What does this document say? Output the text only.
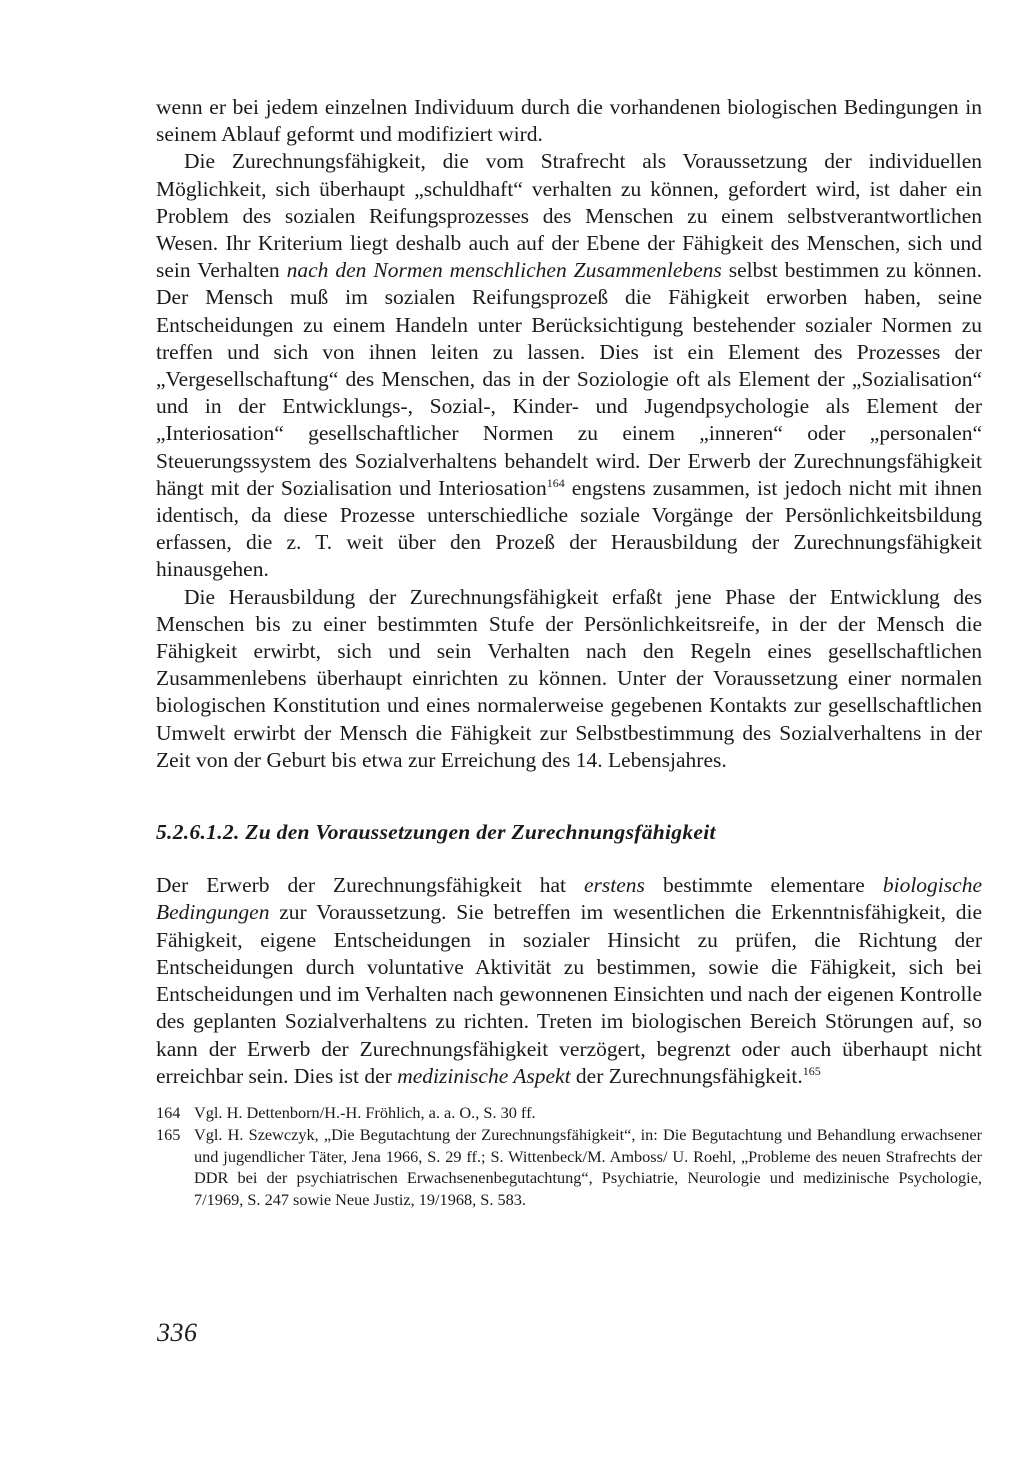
wenn er bei jedem einzelnen Individuum durch die vorhandenen biologischen Bedingungen in seinem Ablauf geformt und modifiziert wird.

Die Zurechnungsfähigkeit, die vom Strafrecht als Voraussetzung der individuellen Möglichkeit, sich überhaupt „schuldhaft“ verhalten zu können, gefordert wird, ist daher ein Problem des sozialen Reifungsprozesses des Menschen zu einem selbstverantwortlichen Wesen. Ihr Kriterium liegt deshalb auch auf der Ebene der Fähigkeit des Menschen, sich und sein Verhalten nach den Normen menschlichen Zusammenlebens selbst bestimmen zu können. Der Mensch muß im sozialen Reifungsprozeß die Fähigkeit erworben haben, seine Entscheidungen zu einem Handeln unter Berücksichtigung bestehender sozialer Normen zu treffen und sich von ihnen leiten zu lassen. Dies ist ein Element des Prozesses der „Vergesellschaftung“ des Menschen, das in der Soziologie oft als Element der „Sozialisation“ und in der Entwicklungs-, Sozial-, Kinder- und Jugendpsychologie als Element der „Interiosation“ gesellschaftlicher Normen zu einem „inneren“ oder „personalen“ Steuerungssystem des Sozialverhaltens behandelt wird. Der Erwerb der Zurechnungsfähigkeit hängt mit der Sozialisation und Interiosation$^{164}$ engstens zusammen, ist jedoch nicht mit ihnen identisch, da diese Prozesse unterschiedliche soziale Vorgänge der Persönlichkeitsbildung erfassen, die z. T. weit über den Prozeß der Herausbildung der Zurechnungsfähigkeit hinausgehen.

Die Herausbildung der Zurechnungsfähigkeit erfaßt jene Phase der Entwicklung des Menschen bis zu einer bestimmten Stufe der Persönlichkeitsreife, in der der Mensch die Fähigkeit erwirbt, sich und sein Verhalten nach den Regeln eines gesellschaftlichen Zusammenlebens überhaupt einrichten zu können. Unter der Voraussetzung einer normalen biologischen Konstitution und eines normalerweise gegebenen Kontakts zur gesellschaftlichen Umwelt erwirbt der Mensch die Fähigkeit zur Selbstbestimmung des Sozialverhaltens in der Zeit von der Geburt bis etwa zur Erreichung des 14. Lebensjahres.

5.2.6.1.2. Zu den Voraussetzungen der Zurechnungsfähigkeit

Der Erwerb der Zurechnungsfähigkeit hat erstens bestimmte elementare biologische Bedingungen zur Voraussetzung. Sie betreffen im wesentlichen die Erkenntnisfähigkeit, die Fähigkeit, eigene Entscheidungen in sozialer Hinsicht zu prüfen, die Richtung der Entscheidungen durch voluntative Aktivität zu bestimmen, sowie die Fähigkeit, sich bei Entscheidungen und im Verhalten nach gewonnenen Einsichten und nach der eigenen Kontrolle des geplanten Sozialverhaltens zu richten. Treten im biologischen Bereich Störungen auf, so kann der Erwerb der Zurechnungsfähigkeit verzögert, begrenzt oder auch überhaupt nicht erreichbar sein. Dies ist der medizinische Aspekt der Zurechnungsfähigkeit.$^{165}$

164 Vgl. H. Dettenborn/H.-H. Fröhlich, a. a. O., S. 30 ff.

165 Vgl. H. Szewczyk, „Die Begutachtung der Zurechnungsfähigkeit“, in: Die Begutachtung und Behandlung erwachsener und jugendlicher Täter, Jena 1966, S. 29 ff.; S. Wittenbeck/M. Amboss/ U. Roehl, „Probleme des neuen Strafrechts der DDR bei der psychiatrischen Erwachsenenbegutachtung“, Psychiatrie, Neurologie und medizinische Psychologie, 7/1969, S. 247 sowie Neue Justiz, 19/1968, S. 583.

336
